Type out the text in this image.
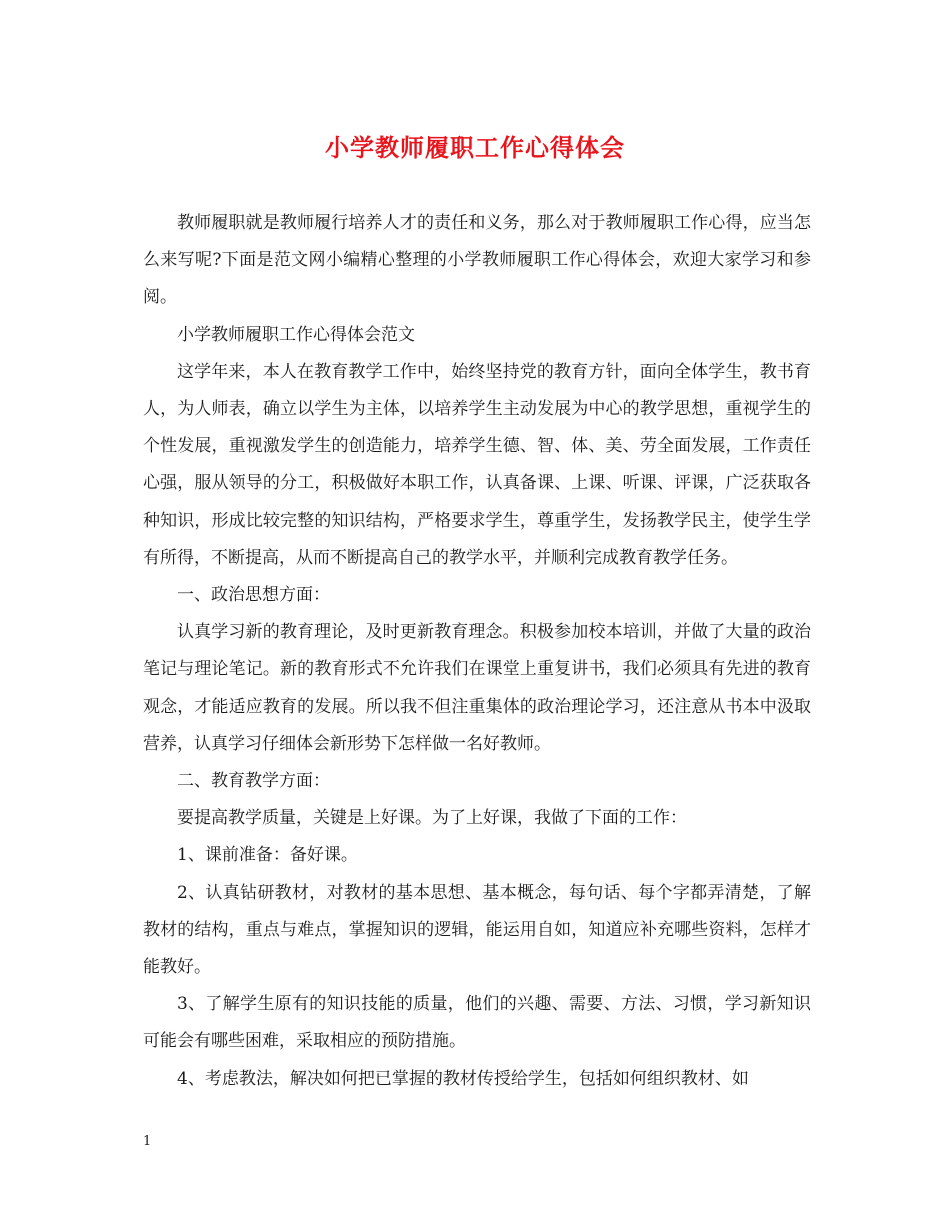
小学教师履职工作心得体会

教师履职就是教师履行培养人才的责任和义务，那么对于教师履职工作心得，应当怎么来写呢?下面是范文网小编精心整理的小学教师履职工作心得体会，欢迎大家学习和参阅。

小学教师履职工作心得体会范文

这学年来，本人在教育教学工作中，始终坚持党的教育方针，面向全体学生，教书育人，为人师表，确立以学生为主体，以培养学生主动发展为中心的教学思想，重视学生的个性发展，重视激发学生的创造能力，培养学生德、智、体、美、劳全面发展，工作责任心强，服从领导的分工，积极做好本职工作，认真备课、上课、听课、评课，广泛获取各种知识，形成比较完整的知识结构，严格要求学生，尊重学生，发扬教学民主，使学生学有所得，不断提高，从而不断提高自己的教学水平，并顺利完成教育教学任务。

一、政治思想方面：

认真学习新的教育理论，及时更新教育理念。积极参加校本培训，并做了大量的政治笔记与理论笔记。新的教育形式不允许我们在课堂上重复讲书，我们必须具有先进的教育观念，才能适应教育的发展。所以我不但注重集体的政治理论学习，还注意从书本中汲取营养，认真学习仔细体会新形势下怎样做一名好教师。

二、教育教学方面：

要提高教学质量，关键是上好课。为了上好课，我做了下面的工作：

1、课前准备：备好课。

2、认真钻研教材，对教材的基本思想、基本概念，每句话、每个字都弄清楚，了解教材的结构，重点与难点，掌握知识的逻辑，能运用自如，知道应补充哪些资料，怎样才能教好。

3、了解学生原有的知识技能的质量，他们的兴趣、需要、方法、习惯，学习新知识可能会有哪些困难，采取相应的预防措施。

4、考虑教法，解决如何把已掌握的教材传授给学生，包括如何组织教材、如

1
